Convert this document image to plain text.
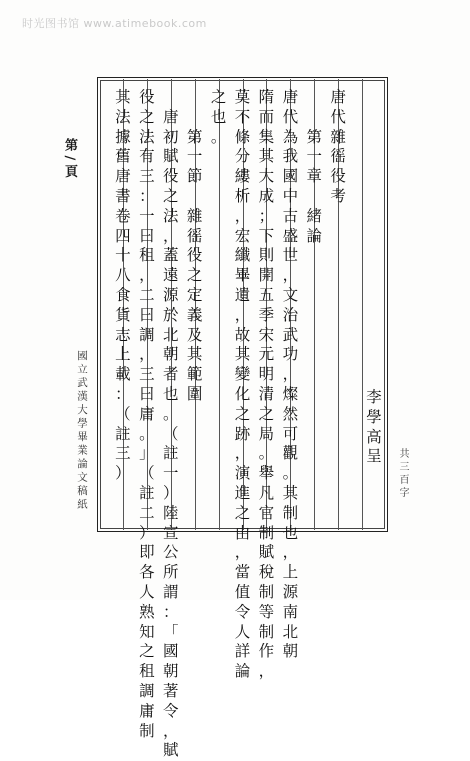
时光图书馆 www.atimebook.com
唐
代
雜
徭
役
考
第
一
章

緒
論
唐
代
為
我
國
中
古
盛
世
，
文
治
武
功
，
燦
然
可
觀
。
其
制
也
，
上
源
南
北
朝
隋
而
集
其
大
成
；
下
則
開
五
季
宋
元
明
清
之
局
。
舉
凡
官
制
賦
稅
制
等
制
作
，
莫
不
條
分
縷
析
，
宏
纖
畢
遺
，
故
其
變
化
之
跡
，
演
進
之
由
，
當
值
令
人
詳
論
之
也
。
第
一
節

雜
徭
役
之
定
義
及
其
範
圍
唐
初
賦
役
之
法
，
蓋
遠
源
於
北
朝
者
也
。
（
註
一
）
陸
宣
公
所
謂
：
「
國
朝
著
令
，
賦
役
之
法
有
三
：
一
曰
租
，
二
曰
調
，
三
曰
庸
。
」
（
註
二
）
即
各
人
熟
知
之
租
調
庸
制
其
法
據
舊
唐
書
卷
四
十
八
食
貨
志
上
載
：
（
註
三
）
李
學
高
呈
第 / 頁
國立武漢大學畢業論文稿紙	共三百字
